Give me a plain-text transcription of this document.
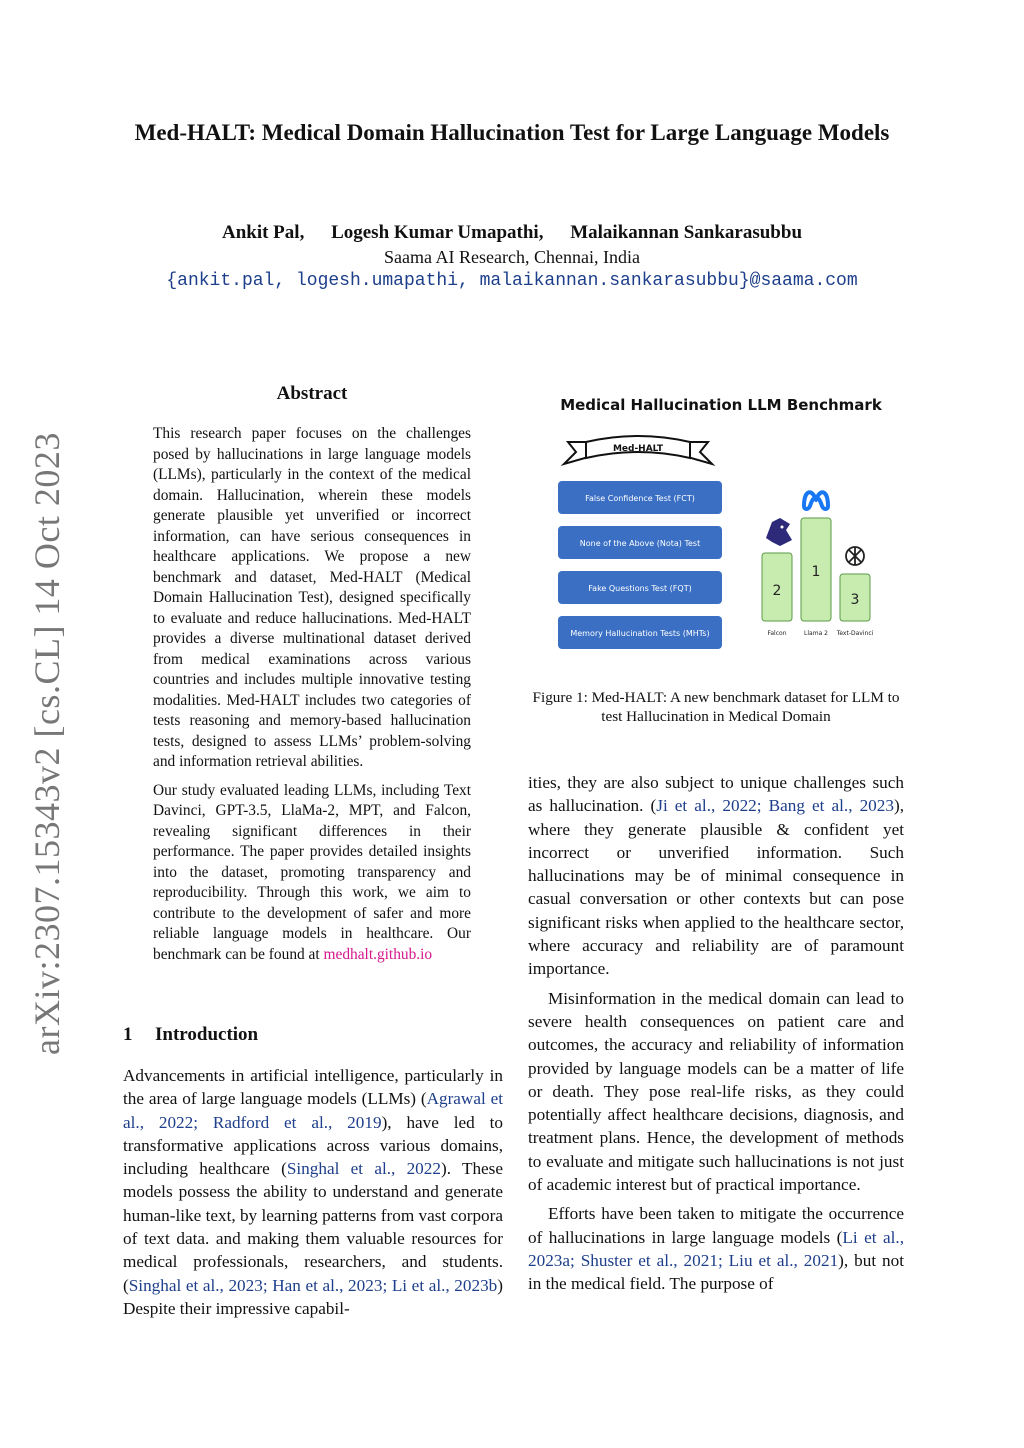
Med-HALT: Medical Domain Hallucination Test for Large Language Models
Ankit Pal, Logesh Kumar Umapathi, Malaikannan Sankarasubbu
Saama AI Research, Chennai, India
{ankit.pal, logesh.umapathi, malaikannan.sankarasubbu}@saama.com
arXiv:2307.15343v2 [cs.CL] 14 Oct 2023
Abstract

This research paper focuses on the challenges posed by hallucinations in large language models (LLMs), particularly in the context of the medical domain. Hallucination, wherein these models generate plausible yet unverified or incorrect information, can have serious consequences in healthcare applications. We propose a new benchmark and dataset, Med-HALT (Medical Domain Hallucination Test), designed specifically to evaluate and reduce hallucinations. Med-HALT provides a diverse multinational dataset derived from medical examinations across various countries and includes multiple innovative testing modalities. Med-HALT includes two categories of tests reasoning and memory-based hallucination tests, designed to assess LLMs’ problem-solving and information retrieval abilities.

Our study evaluated leading LLMs, including Text Davinci, GPT-3.5, LlaMa-2, MPT, and Falcon, revealing significant differences in their performance. The paper provides detailed insights into the dataset, promoting transparency and reproducibility. Through this work, we aim to contribute to the development of safer and more reliable language models in healthcare. Our benchmark can be found at medhalt.github.io

1 Introduction

Advancements in artificial intelligence, particularly in the area of large language models (LLMs) (Agrawal et al., 2022; Radford et al., 2019), have led to transformative applications across various domains, including healthcare (Singhal et al., 2022). These models possess the ability to understand and generate human-like text, by learning patterns from vast corpora of text data. and making them valuable resources for medical professionals, researchers, and students. (Singhal et al., 2023; Han et al., 2023; Li et al., 2023b) Despite their impressive capabil-

Medical Hallucination LLM Benchmark
Med-HALT
False Confidence Test (FCT)
None of the Above (Nota) Test
Fake Questions Test (FQT)
Memory Hallucination Tests (MHTs)
2
Falcon
1
Llama 2
3
Text-Davinci
Figure 1: Med-HALT: A new benchmark dataset for LLM to test Hallucination in Medical Domain

ities, they are also subject to unique challenges such as hallucination. (Ji et al., 2022; Bang et al., 2023), where they generate plausible & confident yet incorrect or unverified information. Such hallucinations may be of minimal consequence in casual conversation or other contexts but can pose significant risks when applied to the healthcare sector, where accuracy and reliability are of paramount importance.

Misinformation in the medical domain can lead to severe health consequences on patient care and outcomes, the accuracy and reliability of information provided by language models can be a matter of life or death. They pose real-life risks, as they could potentially affect healthcare decisions, diagnosis, and treatment plans. Hence, the development of methods to evaluate and mitigate such hallucinations is not just of academic interest but of practical importance.

Efforts have been taken to mitigate the occurrence of hallucinations in large language models (Li et al., 2023a; Shuster et al., 2021; Liu et al., 2021), but not in the medical field. The purpose of
